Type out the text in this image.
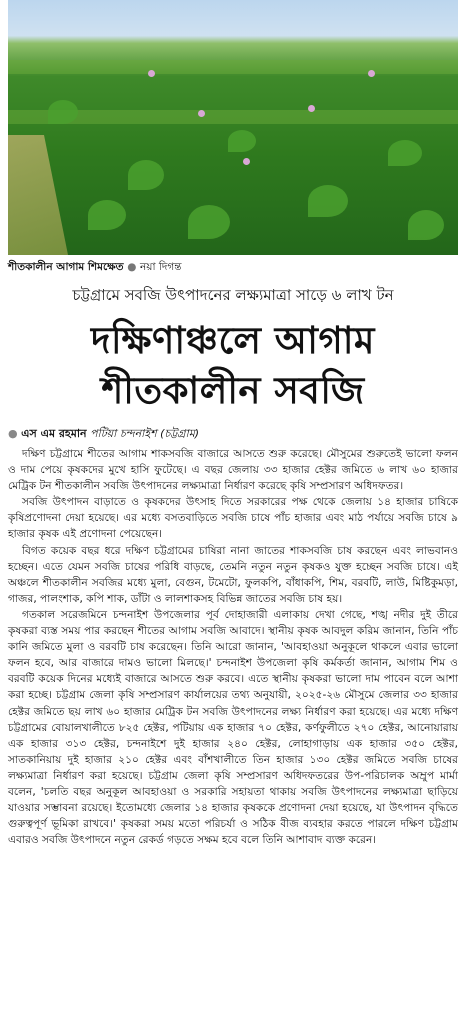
শীতকালীন আগাম শিমক্ষেত ● নয়া দিগন্ত
চট্টগ্রামে সবজি উৎপাদনের লক্ষ্যমাত্রা সাড়ে ৬ লাখ টন
দক্ষিণাঞ্চলে আগাম
শীতকালীন সবজি
● এস এম রহমান পটিয়া চন্দনাইশ (চট্টগ্রাম)

দক্ষিণ চট্টগ্রামে শীতের আগাম শাকসবজি বাজারে আসতে শুরু করেছে। মৌসুমের শুরুতেই ভালো ফলন ও দাম পেয়ে কৃষকদের মুখে হাসি ফুটেছে। এ বছর জেলায় ৩৩ হাজার হেক্টর জমিতে ৬ লাখ ৬০ হাজার মেট্রিক টন শীতকালীন সবজি উৎপাদনের লক্ষ্যমাত্রা নির্ধারণ করেছে কৃষি সম্প্রসারণ অধিদফতর।

সবজি উৎপাদন বাড়াতে ও কৃষকদের উৎসাহ দিতে সরকারের পক্ষ থেকে জেলায় ১৪ হাজার চাষিকে কৃষিপ্রণোদনা দেয়া হয়েছে। এর মধ্যে বসতবাড়িতে সবজি চাষে পাঁচ হাজার এবং মাঠ পর্যায়ে সবজি চাষে ৯ হাজার কৃষক এই প্রণোদনা পেয়েছেন।

বিগত কয়েক বছর ধরে দক্ষিণ চট্টগ্রামের চাষিরা নানা জাতের শাকসবজি চাষ করছেন এবং লাভবানও হচ্ছেন। এতে যেমন সবজি চাষের পরিধি বাড়ছে, তেমনি নতুন নতুন কৃষকও যুক্ত হচ্ছেন সবজি চাষে। এই অঞ্চলে শীতকালীন সবজির মধ্যে মুলা, বেগুন, টমেটো, ফুলকপি, বাঁধাকপি, শিম, বরবটি, লাউ, মিষ্টিকুমড়া, গাজর, পালংশাক, কপি শাক, ডাঁটা ও লালশাকসহ বিভিন্ন জাতের সবজি চাষ হয়।

গতকাল সরেজমিনে চন্দনাইশ উপজেলার পূর্ব দোহাজারী এলাকায় দেখা গেছে, শঙ্খ নদীর দুই তীরে কৃষকরা ব্যস্ত সময় পার করছেন শীতের আগাম সবজি আবাদে। স্থানীয় কৃষক আবদুল করিম জানান, তিনি পাঁচ কানি জমিতে মুলা ও বরবটি চাষ করেছেন। তিনি আরো জানান, 'আবহাওয়া অনুকূলে থাকলে এবার ভালো ফলন হবে, আর বাজারে দামও ভালো মিলছে।' চন্দনাইশ উপজেলা কৃষি কর্মকর্তা জানান, আগাম শিম ও বরবটি কয়েক দিনের মধ্যেই বাজারে আসতে শুরু করবে। এতে স্থানীয় কৃষকরা ভালো দাম পাবেন বলে আশা করা হচ্ছে। চট্টগ্রাম জেলা কৃষি সম্প্রসারণ কার্যালয়ের তথ্য অনুযায়ী, ২০২৫-২৬ মৌসুমে জেলার ৩৩ হাজার হেক্টর জমিতে ছয় লাখ ৬০ হাজার মেট্রিক টন সবজি উৎপাদনের লক্ষ্য নির্ধারণ করা হয়েছে। এর মধ্যে দক্ষিণ চট্টগ্রামের বোয়ালখালীতে ৮২৫ হেক্টর, পটিয়ায় এক হাজার ৭০ হেক্টর, কর্ণফুলীতে ২৭০ হেক্টর, আনোয়ারায় এক হাজার ৩১৩ হেক্টর, চন্দনাইশে দুই হাজার ২৪০ হেক্টর, লোহাগাড়ায় এক হাজার ৩৫০ হেক্টর, সাতকানিয়ায় দুই হাজার ২১০ হেক্টর এবং বাঁশখালীতে তিন হাজার ১৩০ হেক্টর জমিতে সবজি চাষের লক্ষ্যমাত্রা নির্ধারণ করা হয়েছে। চট্টগ্রাম জেলা কৃষি সম্প্রসারণ অধিদফতরের উপ-পরিচালক অম্রুপ মার্মা বলেন, 'চলতি বছর অনুকূল আবহাওয়া ও সরকারি সহায়তা থাকায় সবজি উৎপাদনের লক্ষ্যমাত্রা ছাড়িয়ে যাওয়ার সম্ভাবনা রয়েছে। ইতোমধ্যে জেলার ১৪ হাজার কৃষককে প্রণোদনা দেয়া হয়েছে, যা উৎপাদন বৃদ্ধিতে গুরুত্বপূর্ণ ভূমিকা রাখবে।' কৃষকরা সময় মতো পরিচর্যা ও সঠিক বীজ ব্যবহার করতে পারলে দক্ষিণ চট্টগ্রাম এবারও সবজি উৎপাদনে নতুন রেকর্ড গড়তে সক্ষম হবে বলে তিনি আশাবাদ ব্যক্ত করেন।
